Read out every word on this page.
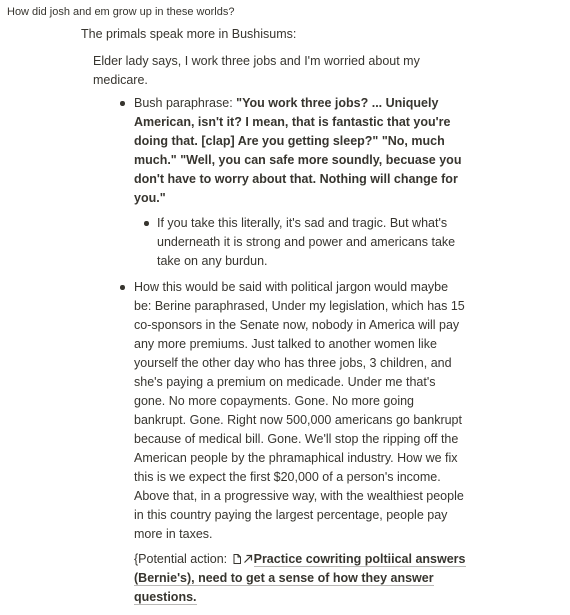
How did josh and em grow up in these worlds?
The primals speak more in Bushisums:
Elder lady says, I work three jobs and I'm worried about my
medicare.
Bush paraphrase: "You work three jobs? ... Uniquely
American, isn't it? I mean, that is fantastic that you're
doing that. [clap] Are you getting sleep?" "No, much
much." "Well, you can safe more soundly, becuase you
don't have to worry about that. Nothing will change for
you."
If you take this literally, it's sad and tragic. But what's
underneath it is strong and power and americans take
take on any burdun.
How this would be said with political jargon would maybe
be: Berine paraphrased, Under my legislation, which has 15
co-sponsors in the Senate now, nobody in America will pay
any more premiums. Just talked to another women like
yourself the other day who has three jobs, 3 children, and
she's paying a premium on medicade. Under me that's
gone. No more copayments. Gone. No more going
bankrupt. Gone. Right now 500,000 americans go bankrupt
because of medical bill. Gone. We'll stop the ripping off the
American people by the phramaphical industry. How we fix
this is we expect the first $20,000 of a person's income.
Above that, in a progressive way, with the wealthiest people
in this country paying the largest percentage, people pay
more in taxes.
{Potential action: Practice cowriting poltiical answers
(Bernie's), need to get a sense of how they answer
questions.
